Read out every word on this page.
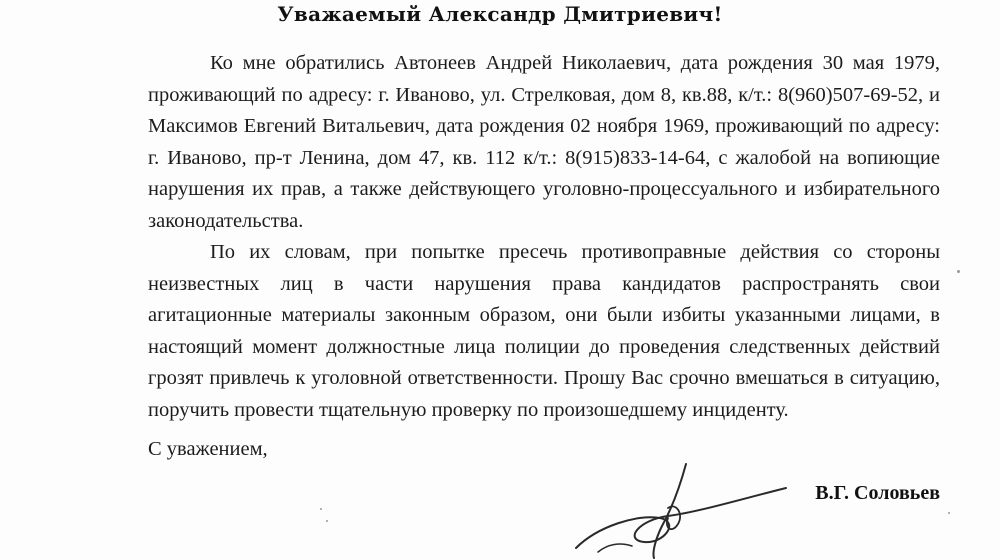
Уважаемый Александр Дмитриевич!

Ко мне обратились Автонеев Андрей Николаевич, дата рождения 30 мая 1979, проживающий по адресу: г. Иваново, ул. Стрелковая, дом 8, кв.88, к/т.: 8(960)507-69-52, и Максимов Евгений Витальевич, дата рождения 02 ноября 1969, проживающий по адресу: г. Иваново, пр-т Ленина, дом 47, кв. 112 к/т.: 8(915)833-14-64, с жалобой на вопиющие нарушения их прав, а также действующего уголовно-процессуального и избирательного законодательства.

По их словам, при попытке пресечь противоправные действия со стороны неизвестных лиц в части нарушения права кандидатов распространять свои агитационные материалы законным образом, они были избиты указанными лицами, в настоящий момент должностные лица полиции до проведения следственных действий грозят привлечь к уголовной ответственности. Прошу Вас срочно вмешаться в ситуацию, поручить провести тщательную проверку по произошедшему инциденту.

С уважением,
В.Г. Соловьев
